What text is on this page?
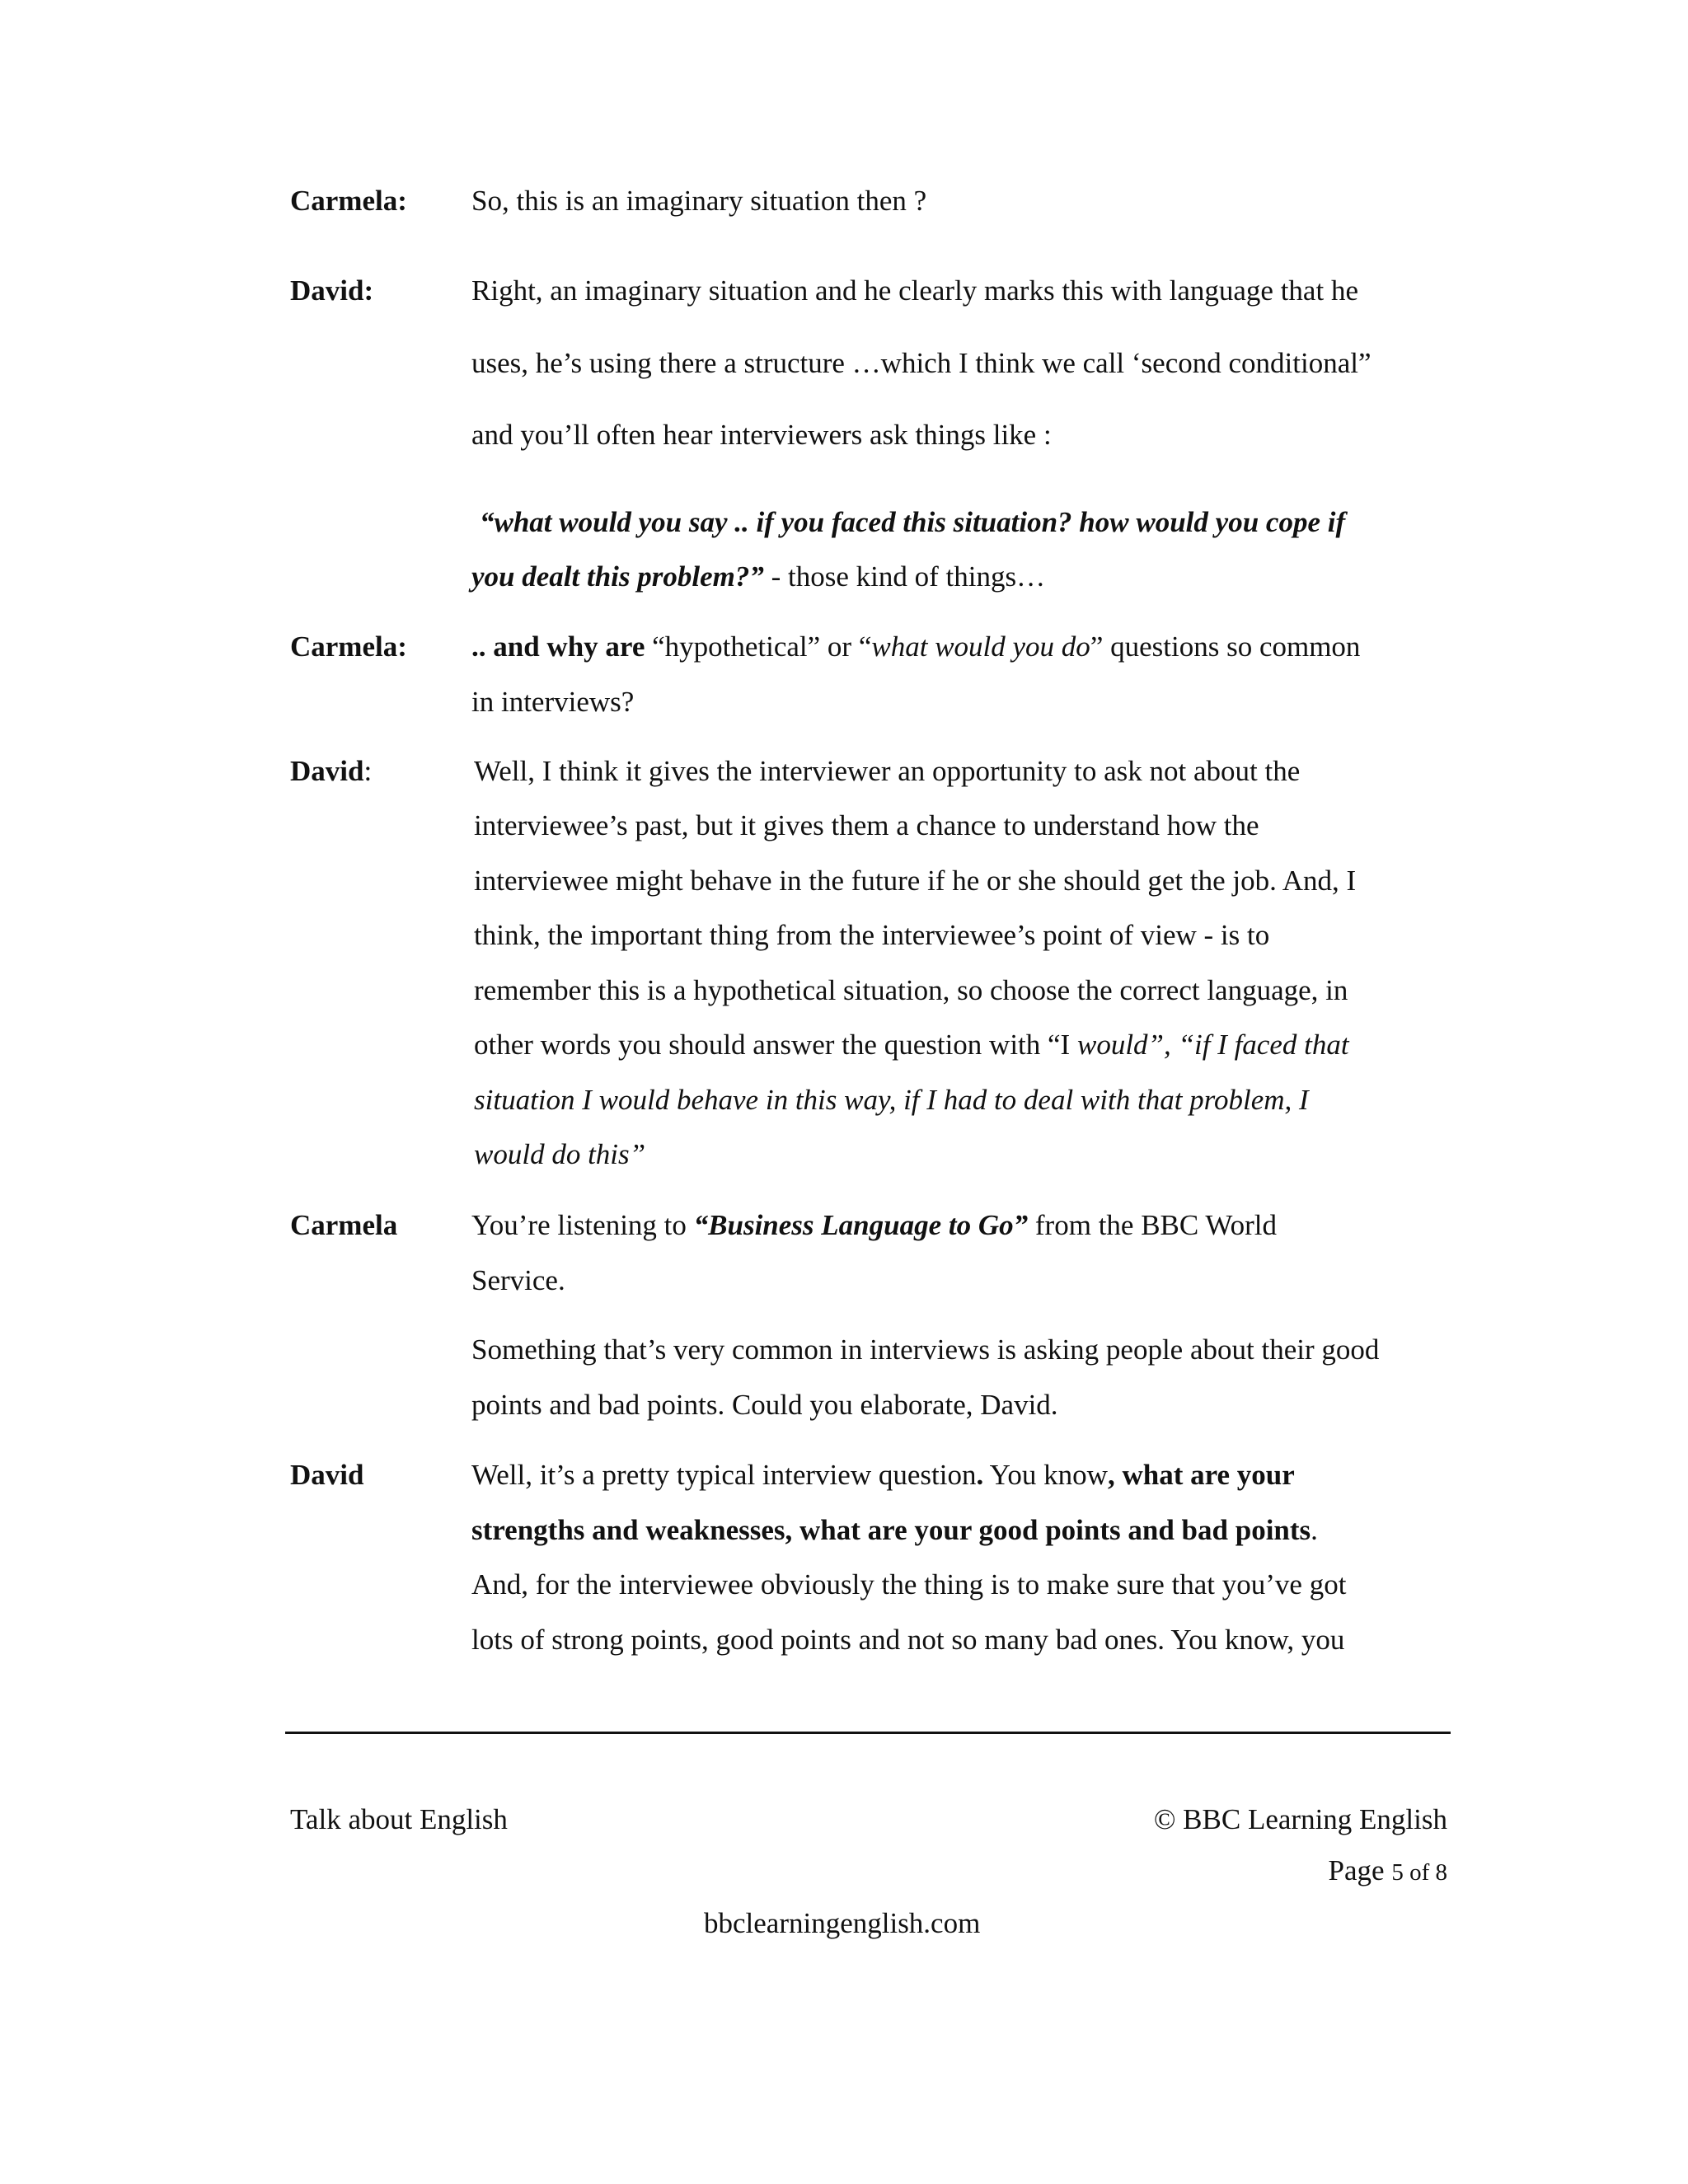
Carmela: So, this is an imaginary situation then ?
David:	Right, an imaginary situation and he clearly marks this with language that he
uses, he’s using there a structure …which I think we call ‘second conditional”
and you’ll often hear interviewers ask things like :
“what would you say .. if you faced this situation? how would you cope if
you dealt this problem?” - those kind of things…
Carmela: .. and why are “hypothetical” or “what would you do” questions so common
in interviews?
David:	Well, I think it gives the interviewer an opportunity to ask not about the
interviewee’s past, but it gives them a chance to understand how the
interviewee might behave in the future if he or she should get the job. And, I
think, the important thing from the interviewee’s point of view - is to
remember this is a hypothetical situation, so choose the correct language, in
other words you should answer the question with “I would”, “if I faced that
situation I would behave in this way, if I had to deal with that problem, I
would do this”
Carmela	You’re listening to “Business Language to Go” from the BBC World
Service.
Something that’s very common in interviews is asking people about their good
points and bad points. Could you elaborate, David.
David	Well, it’s a pretty typical interview question. You know, what are your
strengths and weaknesses, what are your good points and bad points.
And, for the interviewee obviously the thing is to make sure that you’ve got
lots of strong points, good points and not so many bad ones. You know, you
Talk about English	© BBC Learning English
Page 5 of 8
bbclearningenglish.com
